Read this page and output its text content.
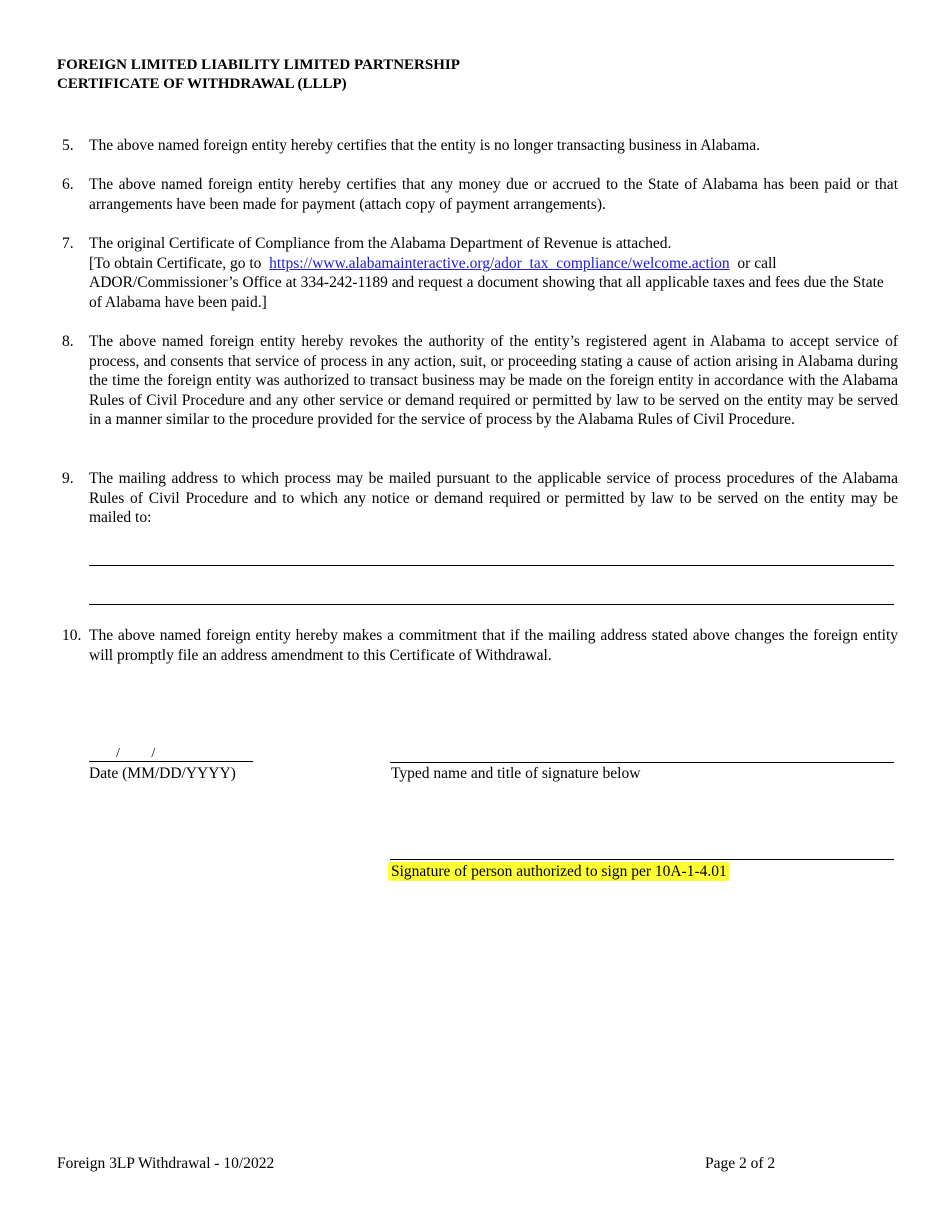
FOREIGN LIMITED LIABILITY LIMITED PARTNERSHIP
CERTIFICATE OF WITHDRAWAL (LLLP)
5. The above named foreign entity hereby certifies that the entity is no longer transacting business in Alabama.
6. The above named foreign entity hereby certifies that any money due or accrued to the State of Alabama has been paid or that arrangements have been made for payment (attach copy of payment arrangements).
7. The original Certificate of Compliance from the Alabama Department of Revenue is attached.
[To obtain Certificate, go to https://www.alabamainteractive.org/ador_tax_compliance/welcome.action or call ADOR/Commissioner’s Office at 334-242-1189 and request a document showing that all applicable taxes and fees due the State of Alabama have been paid.]
8. The above named foreign entity hereby revokes the authority of the entity’s registered agent in Alabama to accept service of process, and consents that service of process in any action, suit, or proceeding stating a cause of action arising in Alabama during the time the foreign entity was authorized to transact business may be made on the foreign entity in accordance with the Alabama Rules of Civil Procedure and any other service or demand required or permitted by law to be served on the entity may be served in a manner similar to the procedure provided for the service of process by the Alabama Rules of Civil Procedure.
9. The mailing address to which process may be mailed pursuant to the applicable service of process procedures of the Alabama Rules of Civil Procedure and to which any notice or demand required or permitted by law to be served on the entity may be mailed to:
10. The above named foreign entity hereby makes a commitment that if the mailing address stated above changes the foreign entity will promptly file an address amendment to this Certificate of Withdrawal.
/         /
Date (MM/DD/YYYY)	Typed name and title of signature below
Signature of person authorized to sign per 10A-1-4.01
Foreign 3LP Withdrawal - 10/2022	Page 2 of 2
